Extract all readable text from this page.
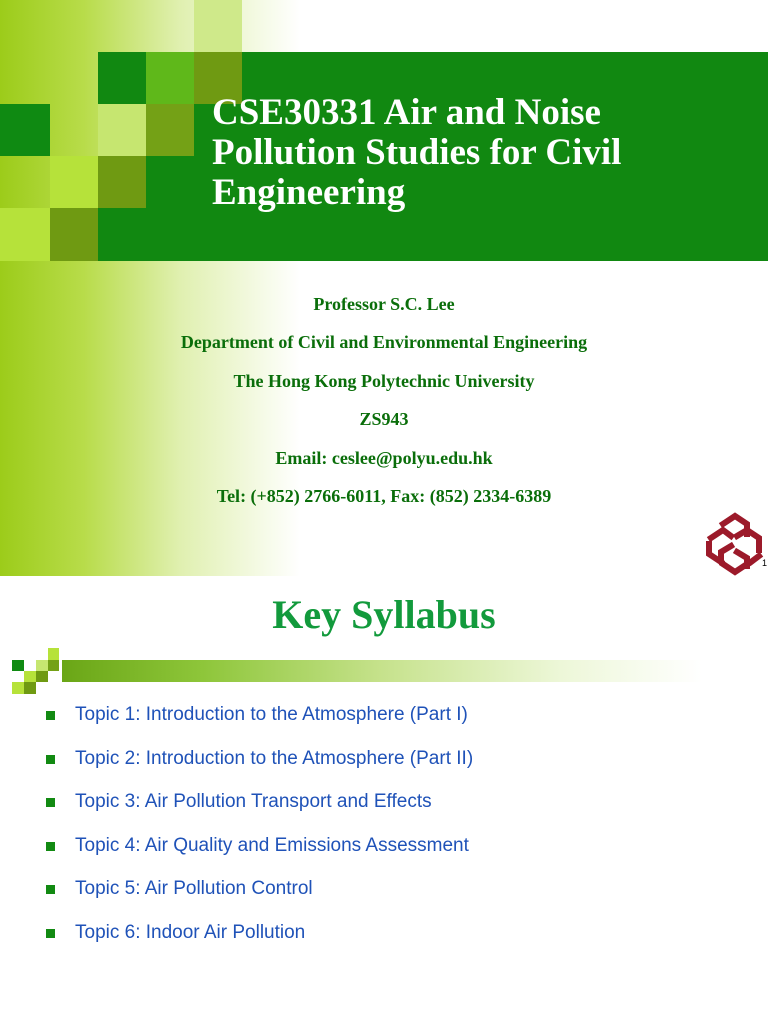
CSE30331 Air and Noise Pollution Studies for Civil Engineering
Professor S.C. Lee
Department of Civil and Environmental Engineering
The Hong Kong Polytechnic University
ZS943
Email: ceslee@polyu.edu.hk
Tel: (+852) 2766-6011, Fax: (852) 2334-6389
1
Key Syllabus
Topic 1: Introduction to the Atmosphere (Part I)
Topic 2: Introduction to the Atmosphere (Part II)
Topic 3: Air Pollution Transport and Effects
Topic 4: Air Quality and Emissions Assessment
Topic 5: Air Pollution Control
Topic 6: Indoor Air Pollution
